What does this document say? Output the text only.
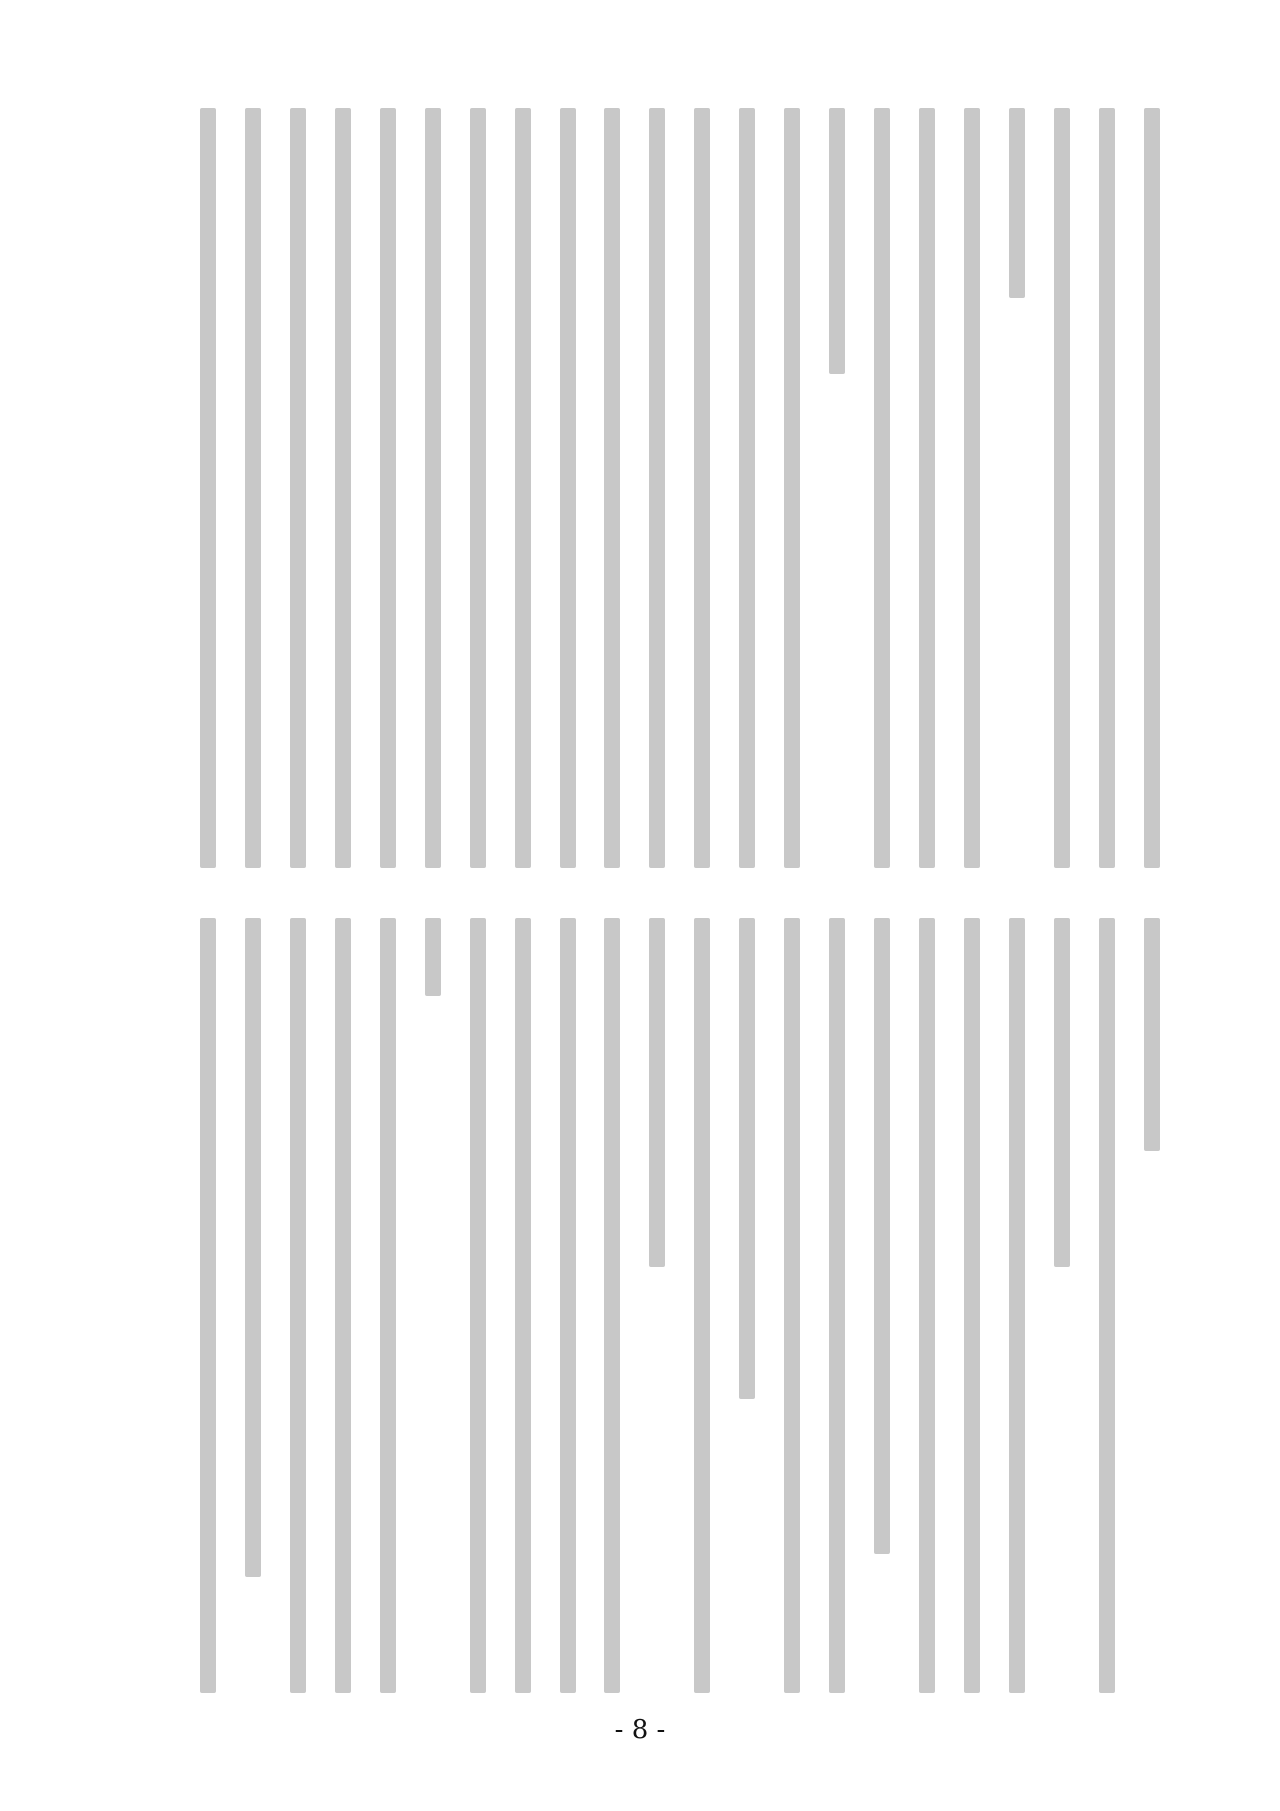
- 8 -
